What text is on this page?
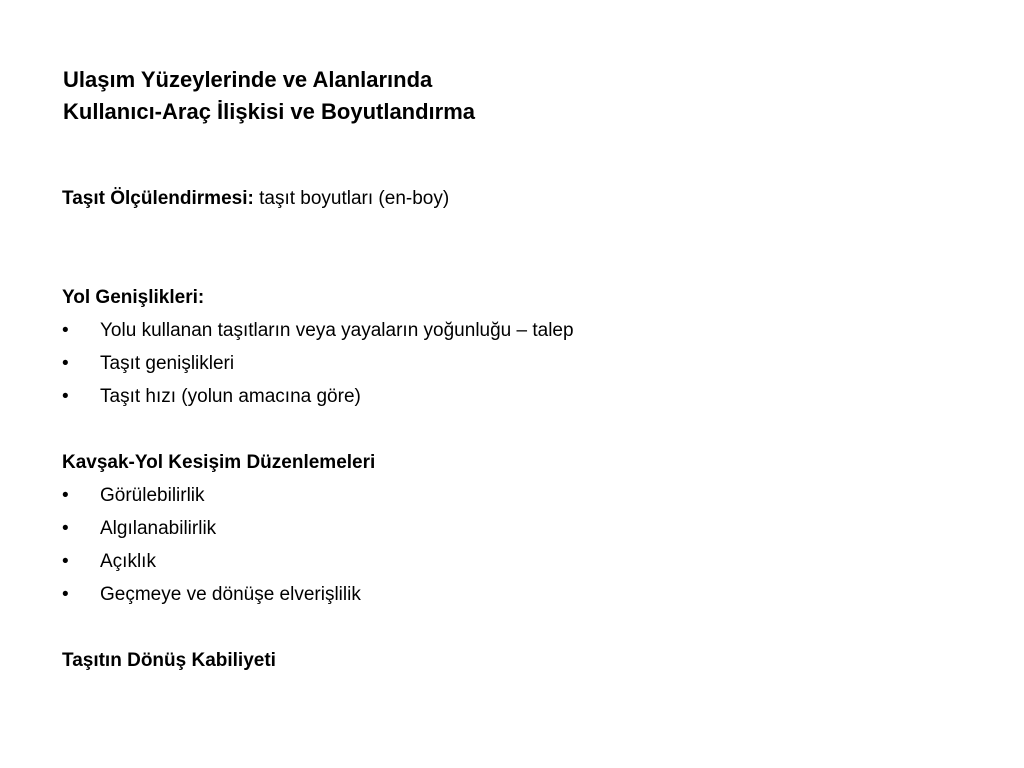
Ulaşım Yüzeylerinde ve Alanlarında
Kullanıcı-Araç İlişkisi ve Boyutlandırma
Taşıt Ölçülendirmesi: taşıt boyutları (en-boy)
Yol Genişlikleri:
• Yolu kullanan taşıtların veya yayaların yoğunluğu – talep
• Taşıt genişlikleri
• Taşıt hızı (yolun amacına göre)
Kavşak-Yol Kesişim Düzenlemeleri
• Görülebilirlik
• Algılanabilirlik
• Açıklık
• Geçmeye ve dönüşe elverişlilik
Taşıtın Dönüş Kabiliyeti
